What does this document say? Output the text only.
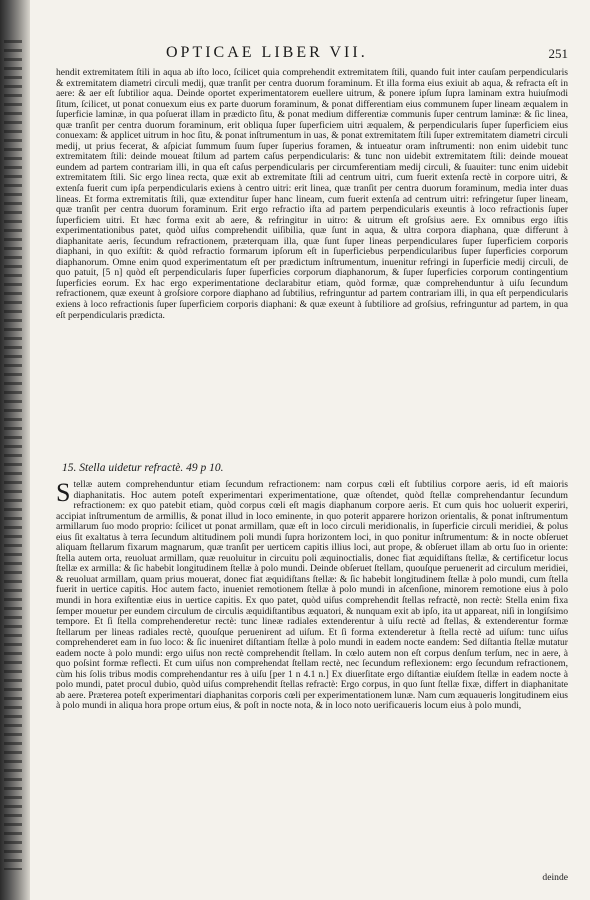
OPTICAE LIBER VII.	251
hendit extremitatem ſtili in aqua ab iſto loco, ſcilicet quia comprehendit extremitatem ſtili, quando fuit inter cauſam perpendicularis & extremitatem diametri circuli medij, quæ tranſit per centra duorum foraminum. Et illa forma eius exiuit ab aqua, & refracta eſt in aere: & aer eſt ſubtilior aqua. Deinde oportet experimentatorem euellere uitrum, & ponere ipſum ſupra laminam extra huiuſmodi ſitum, ſcilicet, ut ponat conuexum eius ex parte duorum foraminum, & ponat differentiam eius communem ſuper lineam æqualem in ſuperficie laminæ, in qua poſuerat illam in prædicto ſitu, & ponat medium differentiæ communis ſuper centrum laminæ: & ſic linea, quæ tranſit per centra duorum foraminum, erit obliqua ſuper ſuperficiem uitri æqualem, & perpendicularis ſuper ſuperficiem eius conuexam: & applicet uitrum in hoc ſitu, & ponat inſtrumentum in uas, & ponat extremitatem ſtili ſuper extremitatem diametri circuli medij, ut prius fecerat, & aſpiciat ſummum ſuum ſuper ſuperius foramen, & intueatur oram inſtrumenti: non enim uidebit tunc extremitatem ſtili: deinde moueat ſtilum ad partem caſus perpendicularis: & tunc non uidebit extremitatem ſtili: deinde moueat eundem ad partem contrariam illi, in qua eſt caſus perpendicularis per circumferentiam medij circuli, & ſuauiter: tunc enim uidebit extremitatem ſtili. Sic ergo linea recta, quæ exit ab extremitate ſtili ad centrum uitri, cum fuerit extenſa rectè in corpore uitri, & extenſa fuerit cum ipſa perpendicularis exiens à centro uitri: erit linea, quæ tranſit per centra duorum foraminum, media inter duas lineas. Et forma extremitatis ſtili, quæ extenditur ſuper hanc lineam, cum fuerit extenſa ad centrum uitri: refringetur ſuper lineam, quæ tranſit per centra duorum foraminum. Erit ergo refractio iſta ad partem perpendicularis exeuntis à loco refractionis ſuper ſuperficiem uitri. Et hæc forma exit ab aere, & refringitur in uitro: & uitrum eſt groſsius aere. Ex omnibus ergo iſtis experimentationibus patet, quòd uiſus comprehendit uiſibilia, quæ ſunt in aqua, & ultra corpora diaphana, quæ differunt à diaphanitate aeris, ſecundum refractionem, præterquam illa, quæ ſunt ſuper lineas perpendiculares ſuper ſuperficiem corporis diaphani, in quo exiſtit: & quòd refractio formarum ipſorum eſt in ſuperficiebus perpendicularibus ſuper ſuperficies corporum diaphanorum. Omne enim quod experimentatum eſt per prædictum inſtrumentum, inuenitur refringi in ſuperficie medij circuli, de quo patuit, [5 n] quòd eſt perpendicularis ſuper ſuperficies corporum diaphanorum, & ſuper ſuperficies corporum contingentium ſuperficies eorum. Ex hac ergo experimentatione declarabitur etiam, quòd formæ, quæ comprehenduntur à uiſu ſecundum refractionem, quæ exeunt à groſsiore corpore diaphano ad ſubtilius, refringuntur ad partem contrariam illi, in qua eſt perpendicularis exiens à loco refractionis ſuper ſuperficiem corporis diaphani: & quæ exeunt à ſubtiliore ad groſsius, refringuntur ad partem, in qua eſt perpendicularis prædicta.
15. Stella uidetur refractè. 49 p 10.
Stellæ autem comprehenduntur etiam ſecundum refractionem: nam corpus cœli eſt ſubtilius corpore aeris, id eſt maioris diaphanitatis. Hoc autem poteſt experimentari experimentatione, quæ oſtendet, quòd ſtellæ comprehendantur ſecundum refractionem: ex quo patebit etiam, quòd corpus cœli eſt magis diaphanum corpore aeris. Et cum quis hoc uoluerit experiri, accipiat inſtrumentum de armillis, & ponat illud in loco eminente, in quo poterit apparere horizon orientalis, & ponat inſtrumentum armillarum ſuo modo proprio: ſcilicet ut ponat armillam, quæ eſt in loco circuli meridionalis, in ſuperficie circuli meridiei, & polus eius ſit exaltatus à terra ſecundum altitudinem poli mundi ſupra horizontem loci, in quo ponitur inſtrumentum: & in nocte obſeruet aliquam ſtellarum fixarum magnarum, quæ tranſit per uerticem capitis illius loci, aut prope, & obſeruet illam ab ortu ſuo in oriente: ſtella autem orta, reuoluat armillam, quæ reuoluitur in circuitu poli æquinoctialis, donec fiat æquidiſtans ſtellæ, & certificetur locus ſtellæ ex armilla: & ſic habebit longitudinem ſtellæ à polo mundi. Deinde obſeruet ſtellam, quouſque peruenerit ad circulum meridiei, & reuoluat armillam, quam prius mouerat, donec fiat æquidiſtans ſtellæ: & ſic habebit longitudinem ſtellæ à polo mundi, cum ſtella fuerit in uertice capitis. Hoc autem facto, inueniet remotionem ſtellæ à polo mundi in aſcenſione, minorem remotione eius à polo mundi in hora exiſtentiæ eius in uertice capitis. Ex quo patet, quòd uiſus comprehendit ſtellas refractè, non rectè: Stella enim fixa ſemper mouetur per eundem circulum de circulis æquidiſtantibus æquatori, & nunquam exit ab ipſo, ita ut appareat, niſi in longiſsimo tempore. Et ſi ſtella comprehenderetur rectè: tunc lineæ radiales extenderentur à uiſu rectè ad ſtellas, & extenderentur formæ ſtellarum per lineas radiales rectè, quouſque peruenirent ad uiſum. Et ſi forma extenderetur à ſtella rectè ad uiſum: tunc uiſus comprehenderet eam in ſuo loco: & ſic inueniret diſtantiam ſtellæ à polo mundi in eadem nocte eandem: Sed diſtantia ſtellæ mutatur eadem nocte à polo mundi: ergo uiſus non rectè comprehendit ſtellam. In cœlo autem non eſt corpus denſum terſum, nec in aere, à quo poſsint formæ reflecti. Et cum uiſus non comprehendat ſtellam rectè, nec ſecundum reflexionem: ergo ſecundum refractionem, cùm his ſolis tribus modis comprehendantur res à uiſu [per 1 n 4.1 n.] Ex diuerſitate ergo diſtantiæ eiuſdem ſtellæ in eadem nocte à polo mundi, patet procul dubio, quòd uiſus comprehendit ſtellas refractè: Ergo corpus, in quo ſunt ſtellæ fixæ, differt in diaphanitate ab aere. Præterea poteſt experimentari diaphanitas corporis cœli per experimentationem lunæ. Nam cum æquaueris longitudinem eius à polo mundi in aliqua hora prope ortum eius, & poſt in nocte nota, & in loco noto uerificaueris locum eius à polo mundi,
deinde
